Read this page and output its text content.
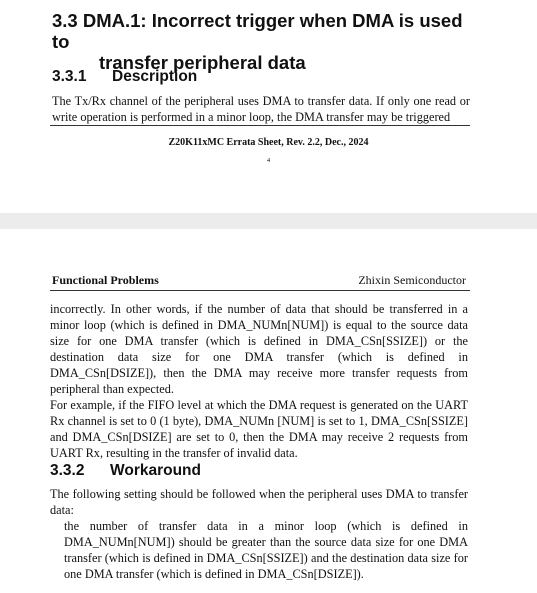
3.3 DMA.1: Incorrect trigger when DMA is used to
transfer peripheral data
3.3.1 Description
The Tx/Rx channel of the peripheral uses DMA to transfer data. If only one read or write operation is performed in a minor loop, the DMA transfer may be triggered
Z20K11xMC Errata Sheet, Rev. 2.2, Dec., 2024
4
Functional Problems	Zhixin Semiconductor
incorrectly. In other words, if the number of data that should be transferred in a minor loop (which is defined in DMA_NUMn[NUM]) is equal to the source data size for one DMA transfer (which is defined in DMA_CSn[SSIZE]) or the destination data size for one DMA transfer (which is defined in DMA_CSn[DSIZE]), then the DMA may receive more transfer requests from peripheral than expected.
For example, if the FIFO level at which the DMA request is generated on the UART Rx channel is set to 0 (1 byte), DMA_NUMn [NUM] is set to 1, DMA_CSn[SSIZE] and DMA_CSn[DSIZE] are set to 0, then the DMA may receive 2 requests from UART Rx, resulting in the transfer of invalid data.
3.3.2 Workaround
The following setting should be followed when the peripheral uses DMA to transfer data:
the number of transfer data in a minor loop (which is defined in DMA_NUMn[NUM]) should be greater than the source data size for one DMA transfer (which is defined in DMA_CSn[SSIZE]) and the destination data size for one DMA transfer (which is defined in DMA_CSn[DSIZE]).
